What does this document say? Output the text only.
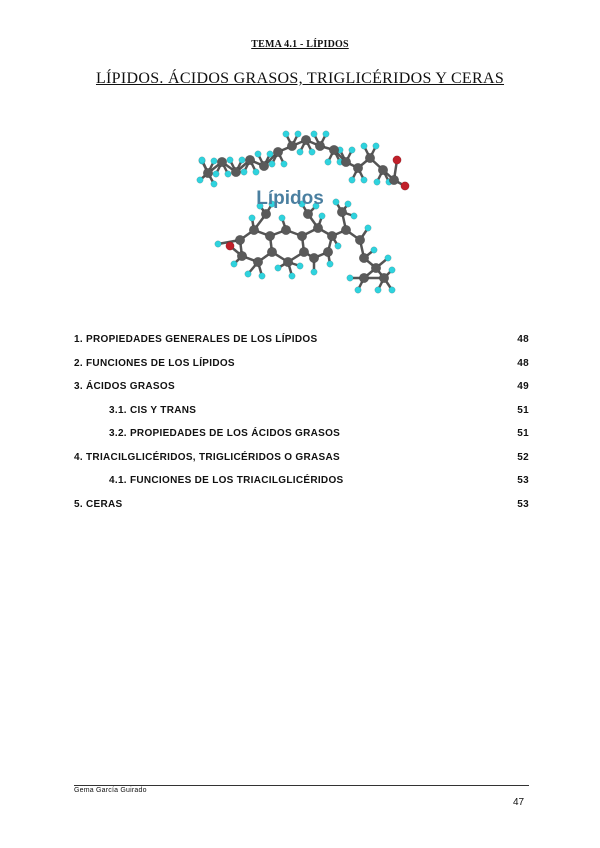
TEMA 4.1 - LÍPIDOS
LÍPIDOS. ÁCIDOS GRASOS, TRIGLICÉRIDOS Y CERAS
Lípidos
1. PROPIEDADES GENERALES DE LOS LÍPIDOS	48
2. FUNCIONES DE LOS LÍPIDOS	48
3. ÁCIDOS GRASOS	49
3.1. CIS Y TRANS	51
3.2. PROPIEDADES DE LOS ÁCIDOS GRASOS	51
4. TRIACILGLICÉRIDOS, TRIGLICÉRIDOS O GRASAS	52
4.1. FUNCIONES DE LOS TRIACILGLICÉRIDOS	53
5. CERAS	53
Gema García Guirado
47
